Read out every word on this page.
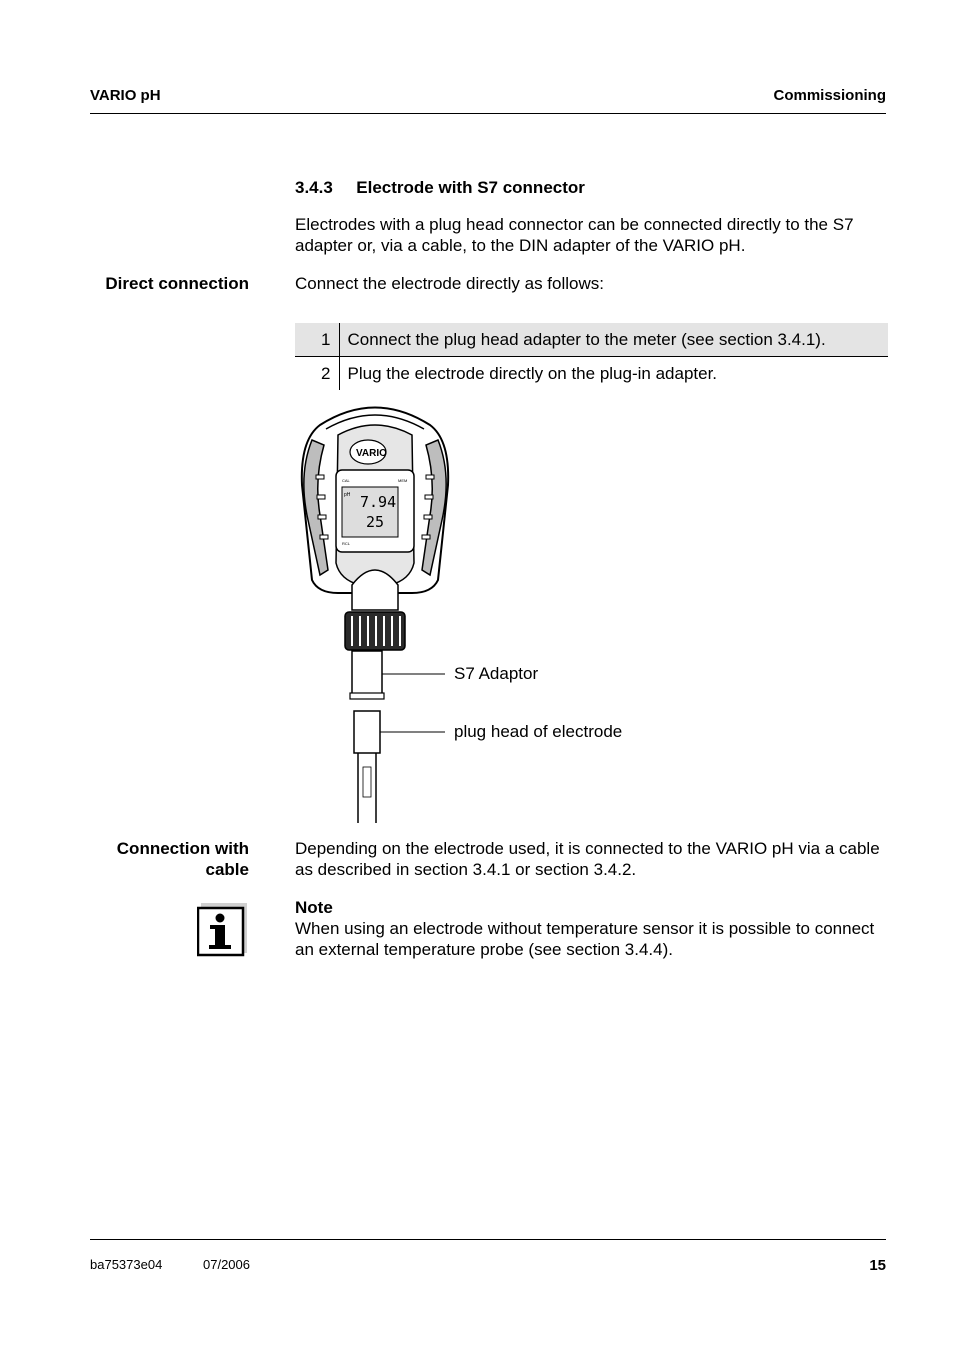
VARIO pH	Commissioning
3.4.3 Electrode with S7 connector
Electrodes with a plug head connector can be connected directly to the S7 adapter or, via a cable, to the DIN adapter of the VARIO pH.
Direct connection	Connect the electrode directly as follows:
1	Connect the plug head adapter to the meter (see section 3.4.1).
2	Plug the electrode directly on the plug-in adapter.
VARIO
CAL	MEM
pH 7.94
25
RCL
S7 Adaptor
plug head of electrode
Connection with
cable
Depending on the electrode used, it is connected to the VARIO pH via a cable as described in section 3.4.1 or section 3.4.2.
Note
When using an electrode without temperature sensor it is possible to connect an external temperature probe (see section 3.4.4).
ba75373e04	07/2006	15
